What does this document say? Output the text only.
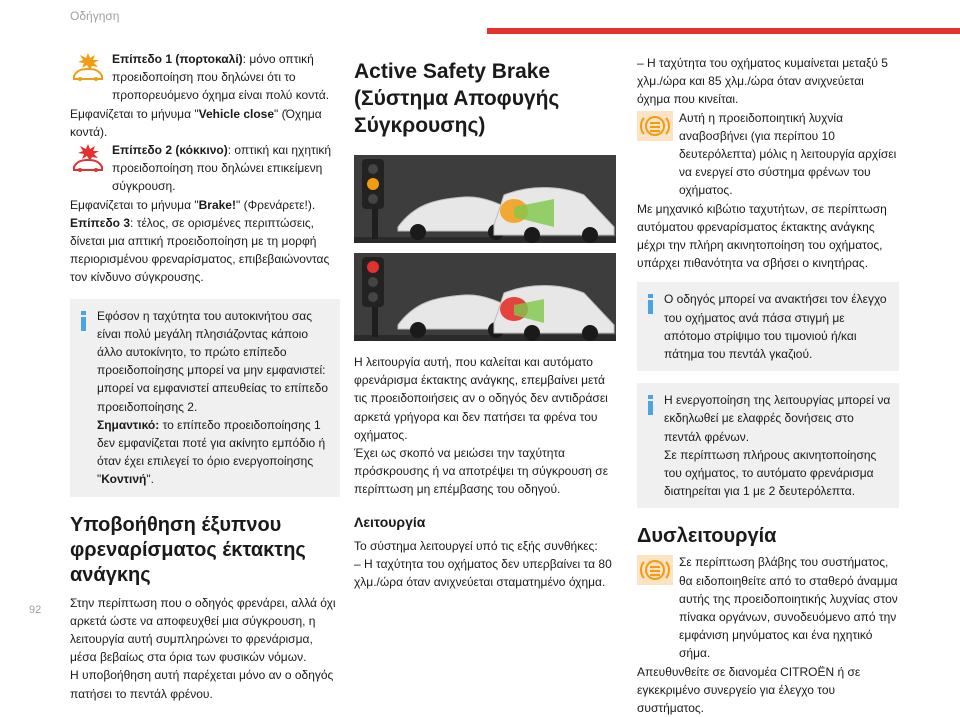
Οδήγηση

Επίπεδο 1 (πορτοκαλί): μόνο οπτική προειδοποίηση που δηλώνει ότι το προπορευόμενο όχημα είναι πολύ κοντά.

Εμφανίζεται το μήνυμα "Vehicle close" (Όχημα κοντά).

Επίπεδο 2 (κόκκινο): οπτική και ηχητική προειδοποίηση που δηλώνει επικείμενη σύγκρουση.

Εμφανίζεται το μήνυμα "Brake!" (Φρενάρετε!).

Επίπεδο 3: τέλος, σε ορισμένες περιπτώσεις, δίνεται μια απτική προειδοποίηση με τη μορφή περιορισμένου φρεναρίσματος, επιβεβαιώνοντας τον κίνδυνο σύγκρουσης.

Εφόσον η ταχύτητα του αυτοκινήτου σας είναι πολύ μεγάλη πλησιάζοντας κάποιο άλλο αυτοκίνητο, το πρώτο επίπεδο προειδοποίησης μπορεί να μην εμφανιστεί: μπορεί να εμφανιστεί απευθείας το επίπεδο προειδοποίησης 2.

Σημαντικό: το επίπεδο προειδοποίησης 1 δεν εμφανίζεται ποτέ για ακίνητο εμπόδιο ή όταν έχει επιλεγεί το όριο ενεργοποίησης "Κοντινή".

Υποβοήθηση έξυπνου φρεναρίσματος έκτακτης ανάγκης

Στην περίπτωση που ο οδηγός φρενάρει, αλλά όχι αρκετά ώστε να αποφευχθεί μια σύγκρουση, η λειτουργία αυτή συμπληρώνει το φρενάρισμα, μέσα βεβαίως στα όρια των φυσικών νόμων.

Η υποβοήθηση αυτή παρέχεται μόνο αν ο οδηγός πατήσει το πεντάλ φρένου.

Active Safety Brake (Σύστημα Αποφυγής Σύγκρουσης)

Η λειτουργία αυτή, που καλείται και αυτόματο φρενάρισμα έκτακτης ανάγκης, επεμβαίνει μετά τις προειδοποιήσεις αν ο οδηγός δεν αντιδράσει αρκετά γρήγορα και δεν πατήσει τα φρένα του οχήματος.

Έχει ως σκοπό να μειώσει την ταχύτητα πρόσκρουσης ή να αποτρέψει τη σύγκρουση σε περίπτωση μη επέμβασης του οδηγού.

Λειτουργία

Το σύστημα λειτουργεί υπό τις εξής συνθήκες:

– Η ταχύτητα του οχήματος δεν υπερβαίνει τα 80 χλμ./ώρα όταν ανιχνεύεται σταματημένο όχημα.

– Η ταχύτητα του οχήματος κυμαίνεται μεταξύ 5 χλμ./ώρα και 85 χλμ./ώρα όταν ανιχνεύεται όχημα που κινείται.

Αυτή η προειδοποιητική λυχνία αναβοσβήνει (για περίπου 10 δευτερόλεπτα) μόλις η λειτουργία αρχίσει να ενεργεί στο σύστημα φρένων του οχήματος.

Με μηχανικό κιβώτιο ταχυτήτων, σε περίπτωση αυτόματου φρεναρίσματος έκτακτης ανάγκης μέχρι την πλήρη ακινητοποίηση του οχήματος, υπάρχει πιθανότητα να σβήσει ο κινητήρας.

Ο οδηγός μπορεί να ανακτήσει τον έλεγχο του οχήματος ανά πάσα στιγμή με απότομο στρίψιμο του τιμονιού ή/και πάτημα του πεντάλ γκαζιού.

Η ενεργοποίηση της λειτουργίας μπορεί να εκδηλωθεί με ελαφρές δονήσεις στο πεντάλ φρένων.

Σε περίπτωση πλήρους ακινητοποίησης του οχήματος, το αυτόματο φρενάρισμα διατηρείται για 1 με 2 δευτερόλεπτα.

Δυσλειτουργία

Σε περίπτωση βλάβης του συστήματος, θα ειδοποιηθείτε από το σταθερό άναμμα αυτής της προειδοποιητικής λυχνίας στον πίνακα οργάνων, συνοδευόμενο από την εμφάνιση μηνύματος και ένα ηχητικό σήμα.

Απευθυνθείτε σε διανομέα CITROËN ή σε εγκεκριμένο συνεργείο για έλεγχο του συστήματος.

92
